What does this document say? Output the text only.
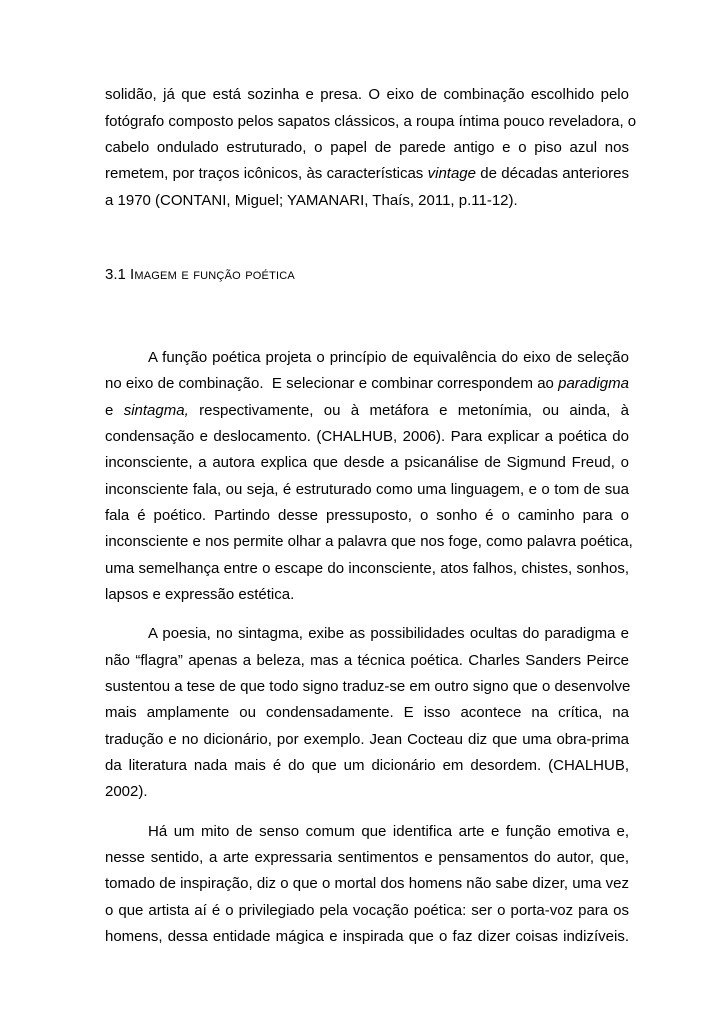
solidão, já que está sozinha e presa. O eixo de combinação escolhido pelo
fotógrafo composto pelos sapatos clássicos, a roupa íntima pouco reveladora, o
cabelo ondulado estruturado, o papel de parede antigo e o piso azul nos
remetem, por traços icônicos, às características vintage de décadas anteriores
a 1970 (CONTANI, Miguel; YAMANARI, Thaís, 2011, p.11-12).
3.1 Imagem e função poética
A função poética projeta o princípio de equivalência do eixo de seleção
no eixo de combinação.  E selecionar e combinar correspondem ao paradigma
e sintagma, respectivamente, ou à metáfora e metonímia, ou ainda, à
condensação e deslocamento. (CHALHUB, 2006). Para explicar a poética do
inconsciente, a autora explica que desde a psicanálise de Sigmund Freud, o
inconsciente fala, ou seja, é estruturado como uma linguagem, e o tom de sua
fala é poético. Partindo desse pressuposto, o sonho é o caminho para o
inconsciente e nos permite olhar a palavra que nos foge, como palavra poética,
uma semelhança entre o escape do inconsciente, atos falhos, chistes, sonhos,
lapsos e expressão estética.
A poesia, no sintagma, exibe as possibilidades ocultas do paradigma e
não “flagra” apenas a beleza, mas a técnica poética. Charles Sanders Peirce
sustentou a tese de que todo signo traduz-se em outro signo que o desenvolve
mais amplamente ou condensadamente. E isso acontece na crítica, na
tradução e no dicionário, por exemplo. Jean Cocteau diz que uma obra-prima
da literatura nada mais é do que um dicionário em desordem. (CHALHUB,
2002).
Há um mito de senso comum que identifica arte e função emotiva e,
nesse sentido, a arte expressaria sentimentos e pensamentos do autor, que,
tomado de inspiração, diz o que o mortal dos homens não sabe dizer, uma vez
o que artista aí é o privilegiado pela vocação poética: ser o porta-voz para os
homens, dessa entidade mágica e inspirada que o faz dizer coisas indizíveis.
